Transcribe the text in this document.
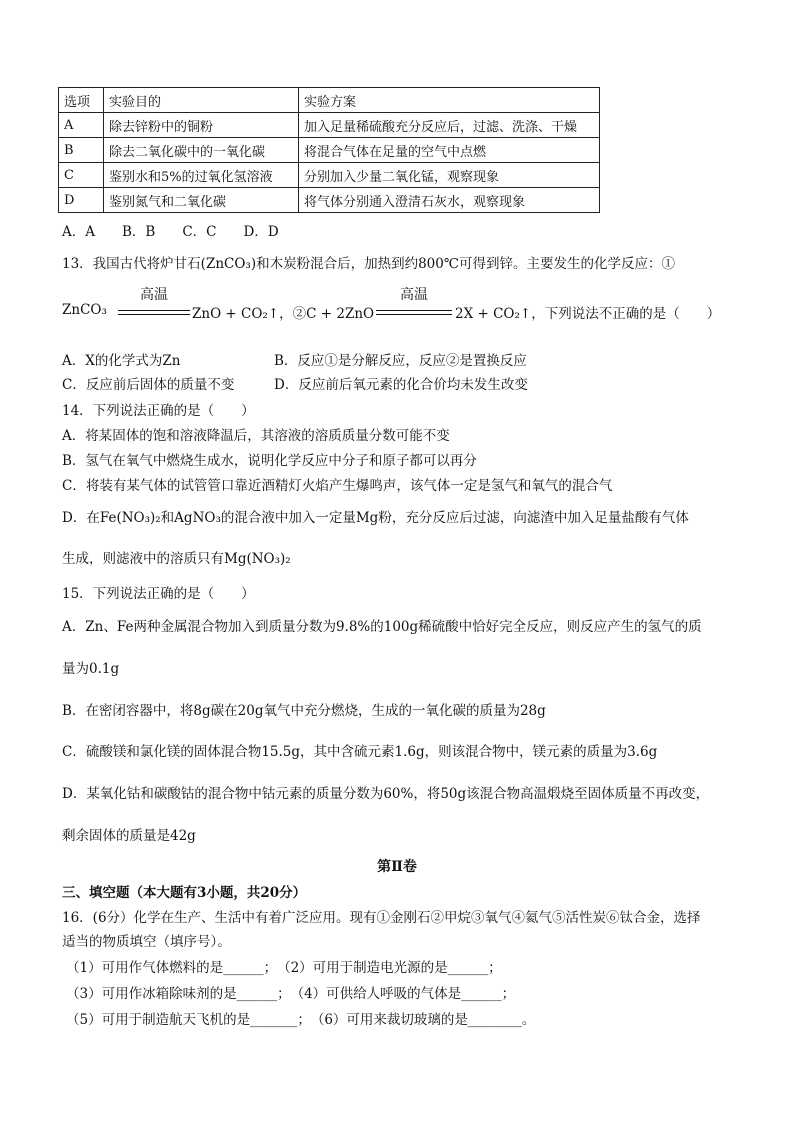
选项	实验目的	实验方案
A	除去锌粉中的铜粉	加入足量稀硫酸充分反应后，过滤、洗涤、干燥
B	除去二氧化碳中的一氧化碳	将混合气体在足量的空气中点燃
C	鉴别水和5%的过氧化氢溶液	分别加入少量二氧化锰，观察现象
D	鉴别氮气和二氧化碳	将气体分别通入澄清石灰水，观察现象
A．A　　B．B　　C．C　　D．D
13．我国古代将炉甘石(ZnCO₃)和木炭粉混合后，加热到约800℃可得到锌。主要发生的化学反应：①
ZnCO₃
高温
ZnO + CO₂↑，②C + 2ZnO
高温
2X + CO₂↑，下列说法不正确的是（　　）
A．X的化学式为Zn	B．反应①是分解反应，反应②是置换反应
C．反应前后固体的质量不变	D．反应前后氧元素的化合价均未发生改变
14．下列说法正确的是（　　）
A．将某固体的饱和溶液降温后，其溶液的溶质质量分数可能不变
B．氢气在氧气中燃烧生成水，说明化学反应中分子和原子都可以再分
C．将装有某气体的试管管口靠近酒精灯火焰产生爆鸣声，该气体一定是氢气和氧气的混合气
D．在Fe(NO₃)₂和AgNO₃的混合液中加入一定量Mg粉，充分反应后过滤，向滤渣中加入足量盐酸有气体
生成，则滤液中的溶质只有Mg(NO₃)₂
15．下列说法正确的是（　　）
A．Zn、Fe两种金属混合物加入到质量分数为9.8%的100g稀硫酸中恰好完全反应，则反应产生的氢气的质
量为0.1g
B．在密闭容器中，将8g碳在20g氧气中充分燃烧，生成的一氧化碳的质量为28g
C．硫酸镁和氯化镁的固体混合物15.5g，其中含硫元素1.6g，则该混合物中，镁元素的质量为3.6g
D．某氧化钴和碳酸钴的混合物中钴元素的质量分数为60%，将50g该混合物高温煅烧至固体质量不再改变，
剩余固体的质量是42g
第Ⅱ卷
三、填空题（本大题有3小题，共20分）
16．(6分）化学在生产、生活中有着广泛应用。现有①金刚石②甲烷③氧气④氦气⑤活性炭⑥钛合金，选择
适当的物质填空（填序号）。
（1）可用作气体燃料的是______；　（2）可用于制造电光源的是______；
（3）可用作冰箱除味剂的是______；　（4）可供给人呼吸的气体是______；
（5）可用于制造航天飞机的是_______；　（6）可用来裁切玻璃的是________。
